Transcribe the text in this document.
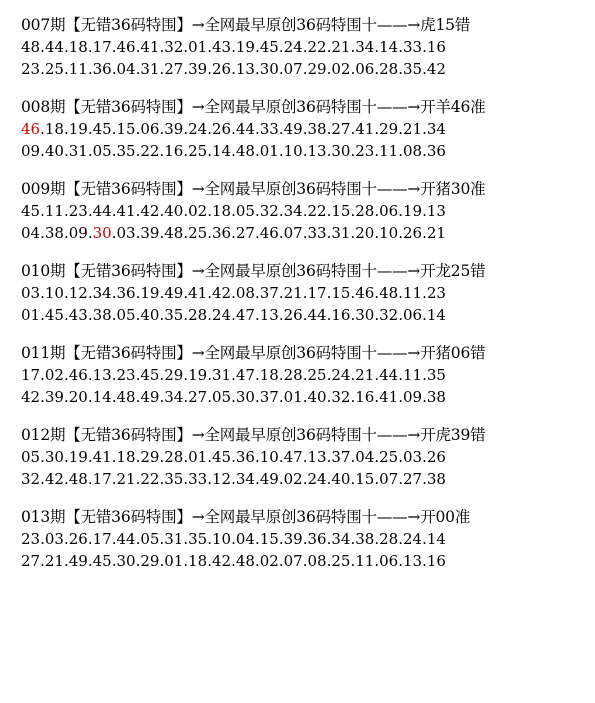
007期【无错36码特围】→全网最早原创36码特围十——→虎15错
48.44.18.17.46.41.32.01.43.19.45.24.22.21.34.14.33.16
23.25.11.36.04.31.27.39.26.13.30.07.29.02.06.28.35.42
008期【无错36码特围】→全网最早原创36码特围十——→开羊46准
46.18.19.45.15.06.39.24.26.44.33.49.38.27.41.29.21.34
09.40.31.05.35.22.16.25.14.48.01.10.13.30.23.11.08.36
009期【无错36码特围】→全网最早原创36码特围十——→开猪30准
45.11.23.44.41.42.40.02.18.05.32.34.22.15.28.06.19.13
04.38.09.30.03.39.48.25.36.27.46.07.33.31.20.10.26.21
010期【无错36码特围】→全网最早原创36码特围十——→开龙25错
03.10.12.34.36.19.49.41.42.08.37.21.17.15.46.48.11.23
01.45.43.38.05.40.35.28.24.47.13.26.44.16.30.32.06.14
011期【无错36码特围】→全网最早原创36码特围十——→开猪06错
17.02.46.13.23.45.29.19.31.47.18.28.25.24.21.44.11.35
42.39.20.14.48.49.34.27.05.30.37.01.40.32.16.41.09.38
012期【无错36码特围】→全网最早原创36码特围十——→开虎39错
05.30.19.41.18.29.28.01.45.36.10.47.13.37.04.25.03.26
32.42.48.17.21.22.35.33.12.34.49.02.24.40.15.07.27.38
013期【无错36码特围】→全网最早原创36码特围十——→开00准
23.03.26.17.44.05.31.35.10.04.15.39.36.34.38.28.24.14
27.21.49.45.30.29.01.18.42.48.02.07.08.25.11.06.13.16
